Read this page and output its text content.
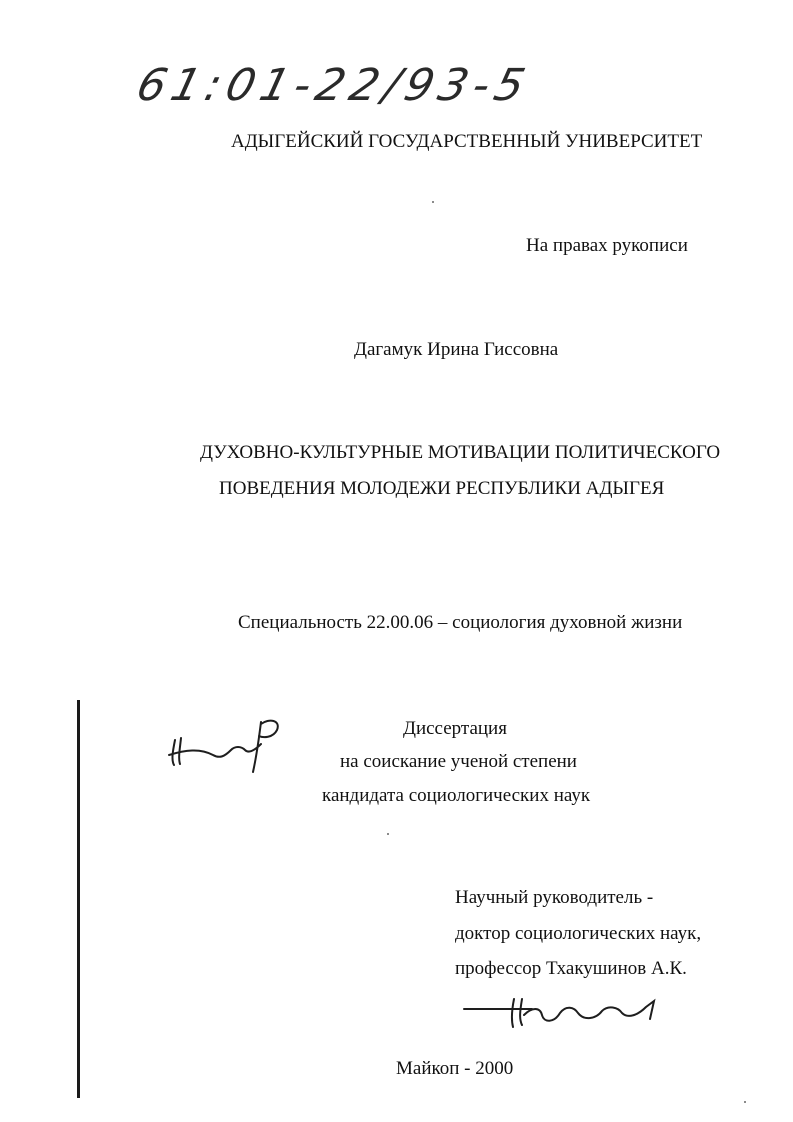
61:01-22/93-5
АДЫГЕЙСКИЙ ГОСУДАРСТВЕННЫЙ УНИВЕРСИТЕТ
На правах рукописи
Дагамук Ирина Гиссовна
ДУХОВНО-КУЛЬТУРНЫЕ МОТИВАЦИИ ПОЛИТИЧЕСКОГО
ПОВЕДЕНИЯ МОЛОДЕЖИ РЕСПУБЛИКИ АДЫГЕЯ
Специальность 22.00.06 – социология духовной жизни
Диссертация
на соискание ученой степени
кандидата социологических наук
Научный руководитель -
доктор социологических наук,
профессор Тхакушинов А.К.
Майкоп - 2000
